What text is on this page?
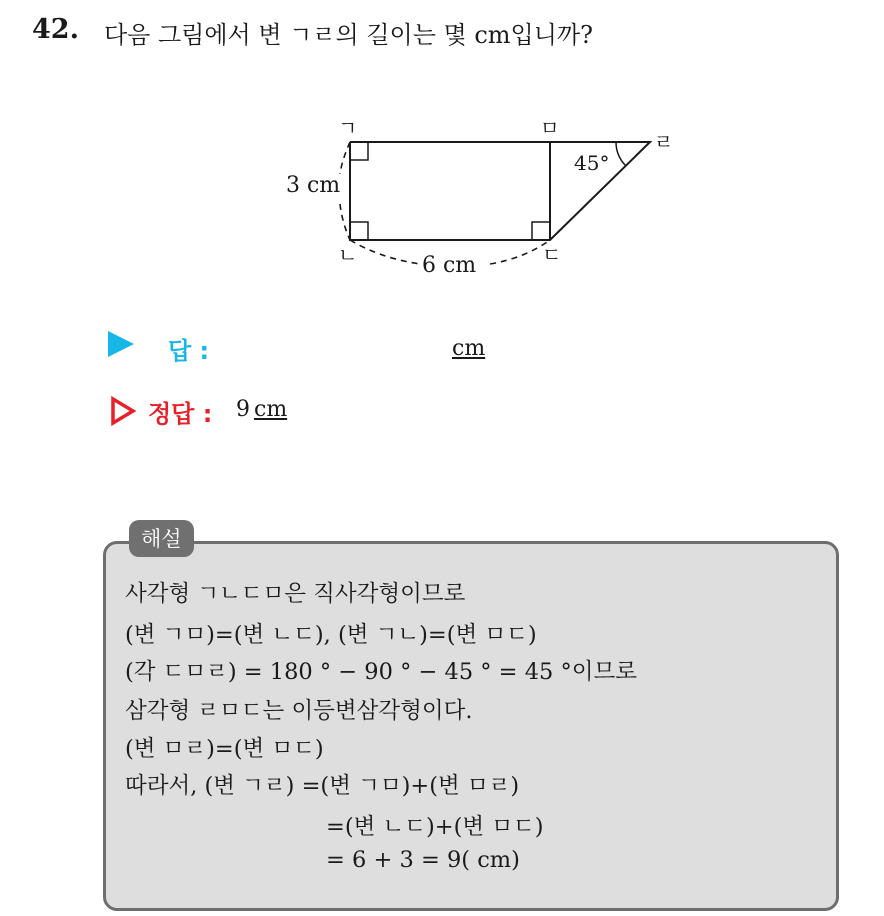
42. 다음 그림에서 변 ㄱㄹ의 길이는 몇 cm입니까?
ㄱ	ㅁ
ㄹ
ㄴ	ㄷ
3 cm
6 cm
45°
답 :	cm
정답 : 9 cm
해설
사각형 ㄱㄴㄷㅁ은 직사각형이므로
(변 ㄱㅁ)=(변 ㄴㄷ), (변 ㄱㄴ)=(변 ㅁㄷ)
(각 ㄷㅁㄹ) = 180 ° − 90 ° − 45 ° = 45 °이므로
삼각형 ㄹㅁㄷ는 이등변삼각형이다.
(변 ㅁㄹ)=(변 ㅁㄷ)
따라서, (변 ㄱㄹ) =(변 ㄱㅁ)+(변 ㅁㄹ)
=(변 ㄴㄷ)+(변 ㅁㄷ)
= 6 + 3 = 9( cm)
